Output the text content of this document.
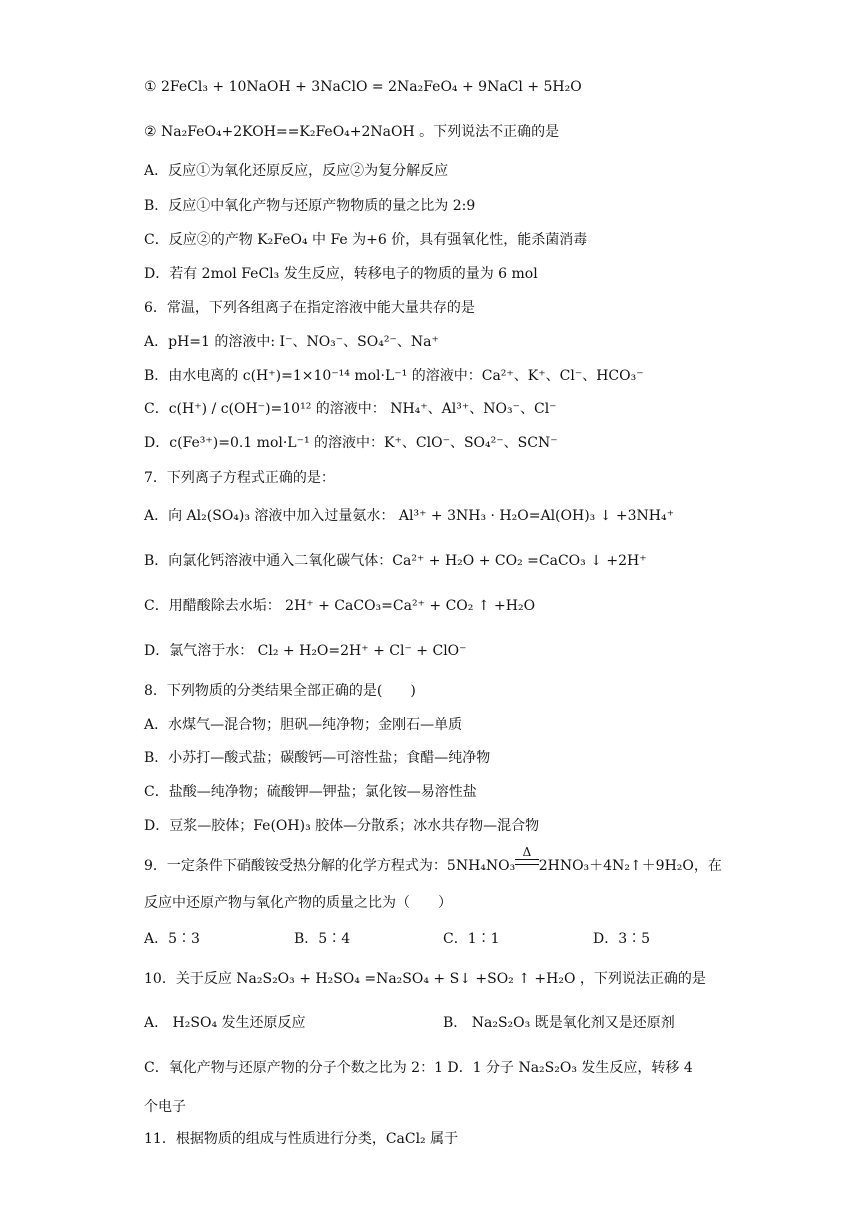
① 2FeCl₃ + 10NaOH + 3NaClO = 2Na₂FeO₄ + 9NaCl + 5H₂O
② Na₂FeO₄+2KOH==K₂FeO₄+2NaOH 。下列说法不正确的是
A．反应①为氧化还原反应，反应②为复分解反应
B．反应①中氧化产物与还原产物物质的量之比为 2:9
C．反应②的产物 K₂FeO₄ 中 Fe 为+6 价，具有强氧化性，能杀菌消毒
D．若有 2mol FeCl₃ 发生反应，转移电子的物质的量为 6 mol
6．常温，下列各组离子在指定溶液中能大量共存的是
A．pH=1 的溶液中: I⁻、NO₃⁻、SO₄²⁻、Na⁺
B．由水电离的 c(H⁺)=1×10⁻¹⁴ mol·L⁻¹ 的溶液中：Ca²⁺、K⁺、Cl⁻、HCO₃⁻
C．c(H⁺) / c(OH⁻)=10¹² 的溶液中： NH₄⁺、Al³⁺、NO₃⁻、Cl⁻
D．c(Fe³⁺)=0.1 mol·L⁻¹ 的溶液中：K⁺、ClO⁻、SO₄²⁻、SCN⁻
7．下列离子方程式正确的是：
A．向 Al₂(SO₄)₃ 溶液中加入过量氨水： Al³⁺ + 3NH₃ · H₂O=Al(OH)₃ ↓ +3NH₄⁺
B．向氯化钙溶液中通入二氧化碳气体：Ca²⁺ + H₂O + CO₂ =CaCO₃ ↓ +2H⁺
C．用醋酸除去水垢： 2H⁺ + CaCO₃=Ca²⁺ + CO₂ ↑ +H₂O
D．氯气溶于水： Cl₂ + H₂O=2H⁺ + Cl⁻ + ClO⁻
8．下列物质的分类结果全部正确的是(　　)
A．水煤气—混合物；胆矾—纯净物；金刚石—单质
B．小苏打—酸式盐；碳酸钙—可溶性盐；食醋—纯净物
C．盐酸—纯净物；硫酸钾—钾盐；氯化铵—易溶性盐
D．豆浆—胶体；Fe(OH)₃ 胶体—分散系；冰水共存物—混合物
9．一定条件下硝酸铵受热分解的化学方程式为：5NH₄NO₃Δ 2HNO₃＋4N₂↑＋9H₂O，在
反应中还原产物与氧化产物的质量之比为（　　）
A．5∶3	B．5∶4	C．1∶1	D．3∶5
10．关于反应 Na₂S₂O₃ + H₂SO₄ =Na₂SO₄ + S↓ +SO₂ ↑ +H₂O ，下列说法正确的是
A． H₂SO₄ 发生还原反应	B． Na₂S₂O₃ 既是氧化剂又是还原剂
C．氧化产物与还原产物的分子个数之比为 2：1 D．1 分子 Na₂S₂O₃ 发生反应，转移 4
个电子
11．根据物质的组成与性质进行分类，CaCl₂ 属于
